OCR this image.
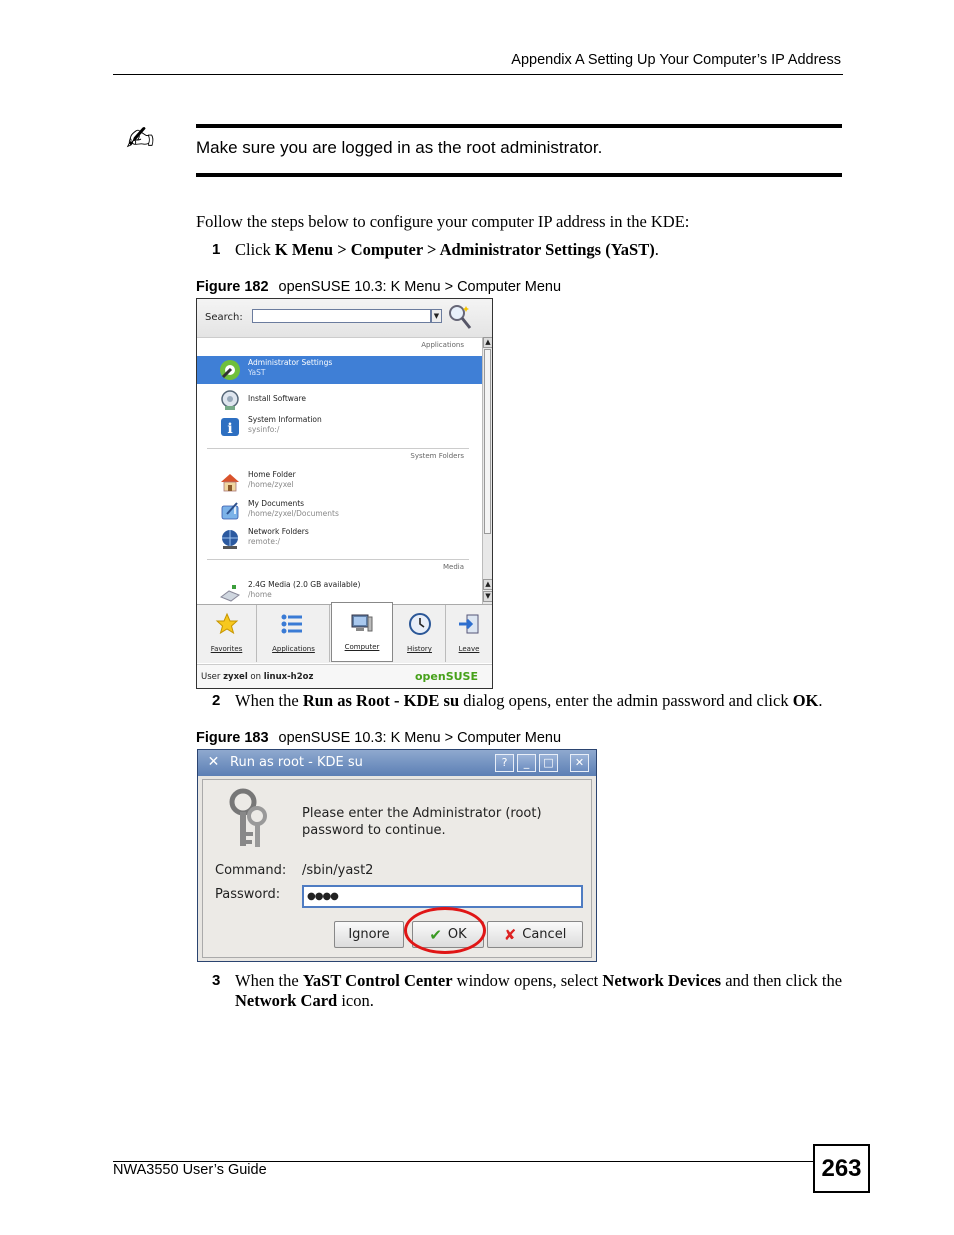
Appendix A Setting Up Your Computer’s IP Address
✍ Make sure you are logged in as the root administrator.
Follow the steps below to configure your computer IP address in the KDE:
1 Click K Menu > Computer > Administrator Settings (YaST).
Figure 182 openSUSE 10.3: K Menu > Computer Menu
Search:	▼
Applications
Administrator Settings
YaST
Install Software
i
System Information
sysinfo:/
System Folders
Home Folder
/home/zyxel
My Documents
/home/zyxel/Documents
Network Folders
remote:/
Media
2.4G Media (2.0 GB available)
/home
▲
▲
▼
Favorites	Applications	Computer	History	Leave
User zyxel on linux-h2oz	openSUSE
2 When the Run as Root - KDE su dialog opens, enter the admin password and click OK.
Figure 183 openSUSE 10.3: K Menu > Computer Menu
✕ Run as root - KDE su	?	_	□	✕
Please enter the Administrator (root)
password to continue.
Command: /sbin/yast2
Password:	●●●●
Ignore	✔ OK ✘ Cancel
3 When the YaST Control Center window opens, select Network Devices and then click the Network Card icon.
NWA3550 User’s Guide	263
